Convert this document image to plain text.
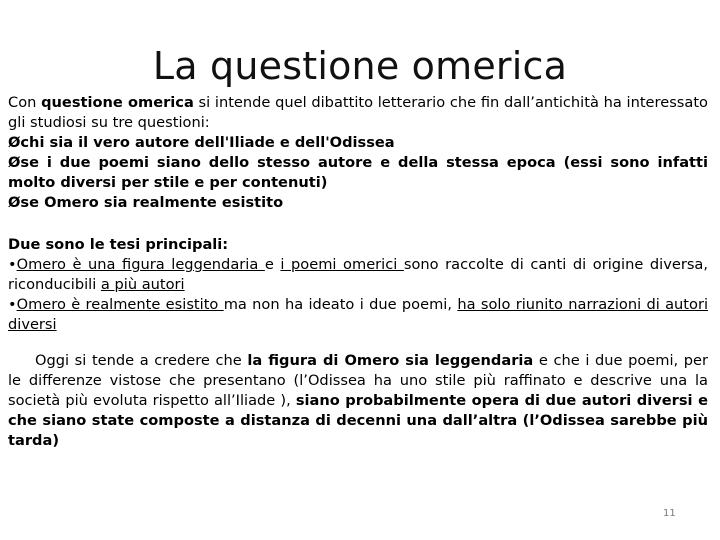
La questione omerica

Con questione omerica si intende quel dibattito letterario che fin dall’antichità ha interessato gli studiosi su tre questioni:

Øchi sia il vero autore dell'Iliade e dell'Odissea

Øse i due poemi siano dello stesso autore e della stessa epoca (essi sono infatti molto diversi per stile e per contenuti)

Øse Omero sia realmente esistito

Due sono le tesi principali:

•Omero è una figura leggendaria e i poemi omerici sono raccolte di canti di origine diversa, riconducibili a più autori

•Omero è realmente esistito ma non ha ideato i due poemi, ha solo riunito narrazioni di autori diversi

Oggi si tende a credere che la figura di Omero sia leggendaria e che i due poemi, per le differenze vistose che presentano (l’Odissea ha uno stile più raffinato e descrive una la società più evoluta rispetto all’Iliade ), siano probabilmente opera di due autori diversi e che siano state composte a distanza di decenni una dall’altra (l’Odissea sarebbe più tarda)

11
